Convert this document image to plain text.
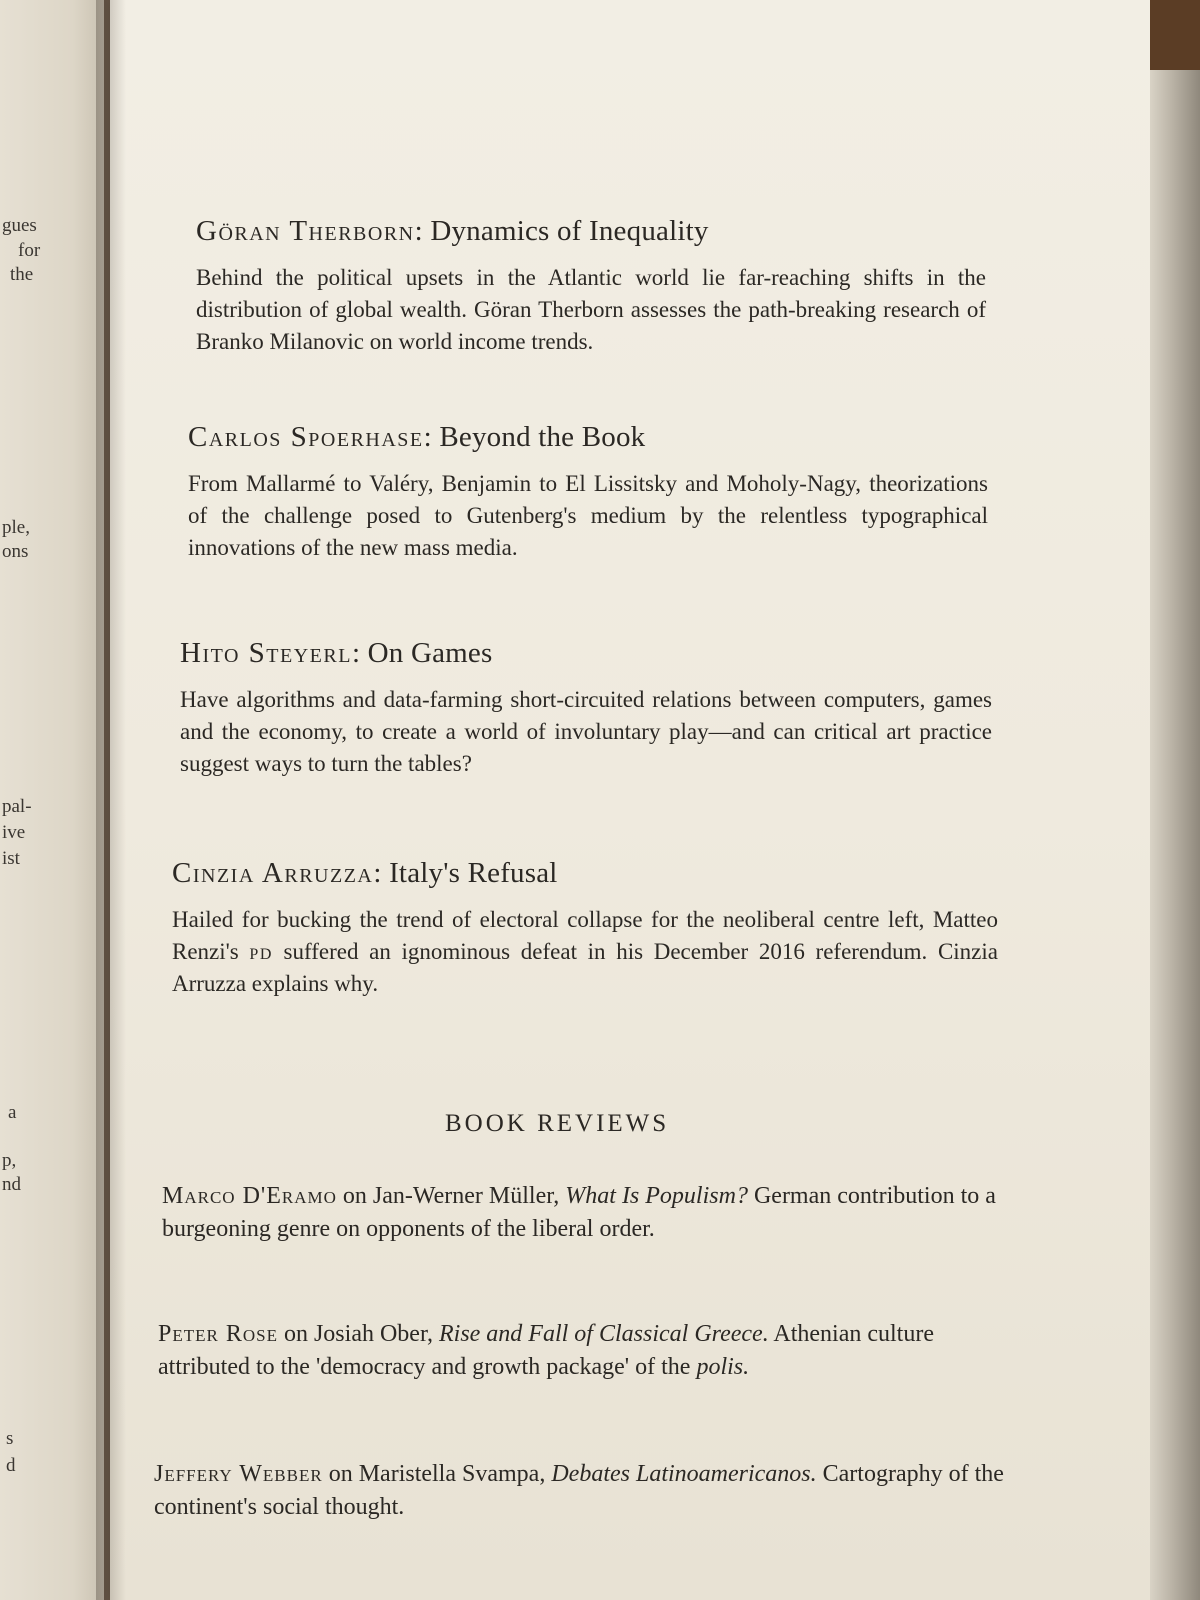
gues
for
the
ple,
ons
pal-
ive
ist
a
p,
nd
s
d
Göran Therborn: Dynamics of Inequality

Behind the political upsets in the Atlantic world lie far-reaching shifts in the distribution of global wealth. Göran Therborn assesses the path-breaking research of Branko Milanovic on world income trends.

Carlos Spoerhase: Beyond the Book

From Mallarmé to Valéry, Benjamin to El Lissitsky and Moholy-Nagy, theorizations of the challenge posed to Gutenberg's medium by the relentless typographical innovations of the new mass media.

Hito Steyerl: On Games

Have algorithms and data-farming short-circuited relations between computers, games and the economy, to create a world of involuntary play—and can critical art practice suggest ways to turn the tables?

Cinzia Arruzza: Italy's Refusal

Hailed for bucking the trend of electoral collapse for the neoliberal centre left, Matteo Renzi's pd suffered an ignominous defeat in his December 2016 referendum. Cinzia Arruzza explains why.

BOOK REVIEWS

Marco D'Eramo on Jan-Werner Müller, What Is Populism? German contribution to a burgeoning genre on opponents of the liberal order.

Peter Rose on Josiah Ober, Rise and Fall of Classical Greece. Athenian culture attributed to the 'democracy and growth package' of the polis.

Jeffery Webber on Maristella Svampa, Debates Latinoamericanos. Cartography of the continent's social thought.
